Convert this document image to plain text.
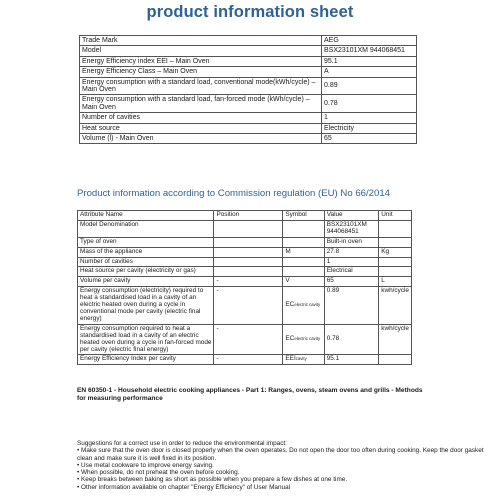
product information sheet
Trade Mark	AEG
Model	BSX23101XM 944068451
Energy Efficiency index EEI – Main Oven	95.1
Energy Efficiency Class – Main Oven	A
Energy consumption with a standard load, conventional mode(kWh/cycle) – Main Oven	0.89
Energy consumption with a standard load, fan-forced mode (kWh/cycle) – Main Oven	0.78
Number of cavities	1
Heat source	Electricity
Volume (l) - Main Oven	65
Product information according to Commission regulation (EU) No 66/2014
Attribute Name	Position	Symbol	Value	Unit
Model Denomination			BSX23101XM 944068451	
Type of oven			Built-in oven	
Mass of the appliance		M	27.8	Kg
Number of cavities			1	
Heat source per cavity (electricity or gas)			Electrical	
Volume per cavity	-	V	65	L
Energy consumption (electricity) required to heat a standardised load in a cavity of an electric heated oven during a cycle in conventional mode per cavity (electric final energy)	-	ECelectric cavity	0.89	kwh/cycle
Energy consumption required to heat a standardised load in a cavity of an electric heated oven during a cycle in fan-forced mode per cavity (electric final energy)	-	ECelectric cavity	0.78	kwh/cycle
Energy Efficiency Index per cavity	-	EEIcavity	95.1	
EN 60350-1 - Household electric cooking appliances - Part 1: Ranges, ovens, steam ovens and grills - Methods for measuring performance
Suggestions for a correct use in order to reduce the environmental impact:
• Make sure that the oven door is closed properly when the oven operates. Do not open the door too often during cooking. Keep the door gasket clean and make sure it is well fixed in its position.
• Use metal cookware to improve energy saving.
• When possible, do not preheat the oven before cooking.
• Keep breaks between baking as short as possible when you prepare a few dishes at one time.
• Other information available on chapter "Energy Efficiency" of User Manual
